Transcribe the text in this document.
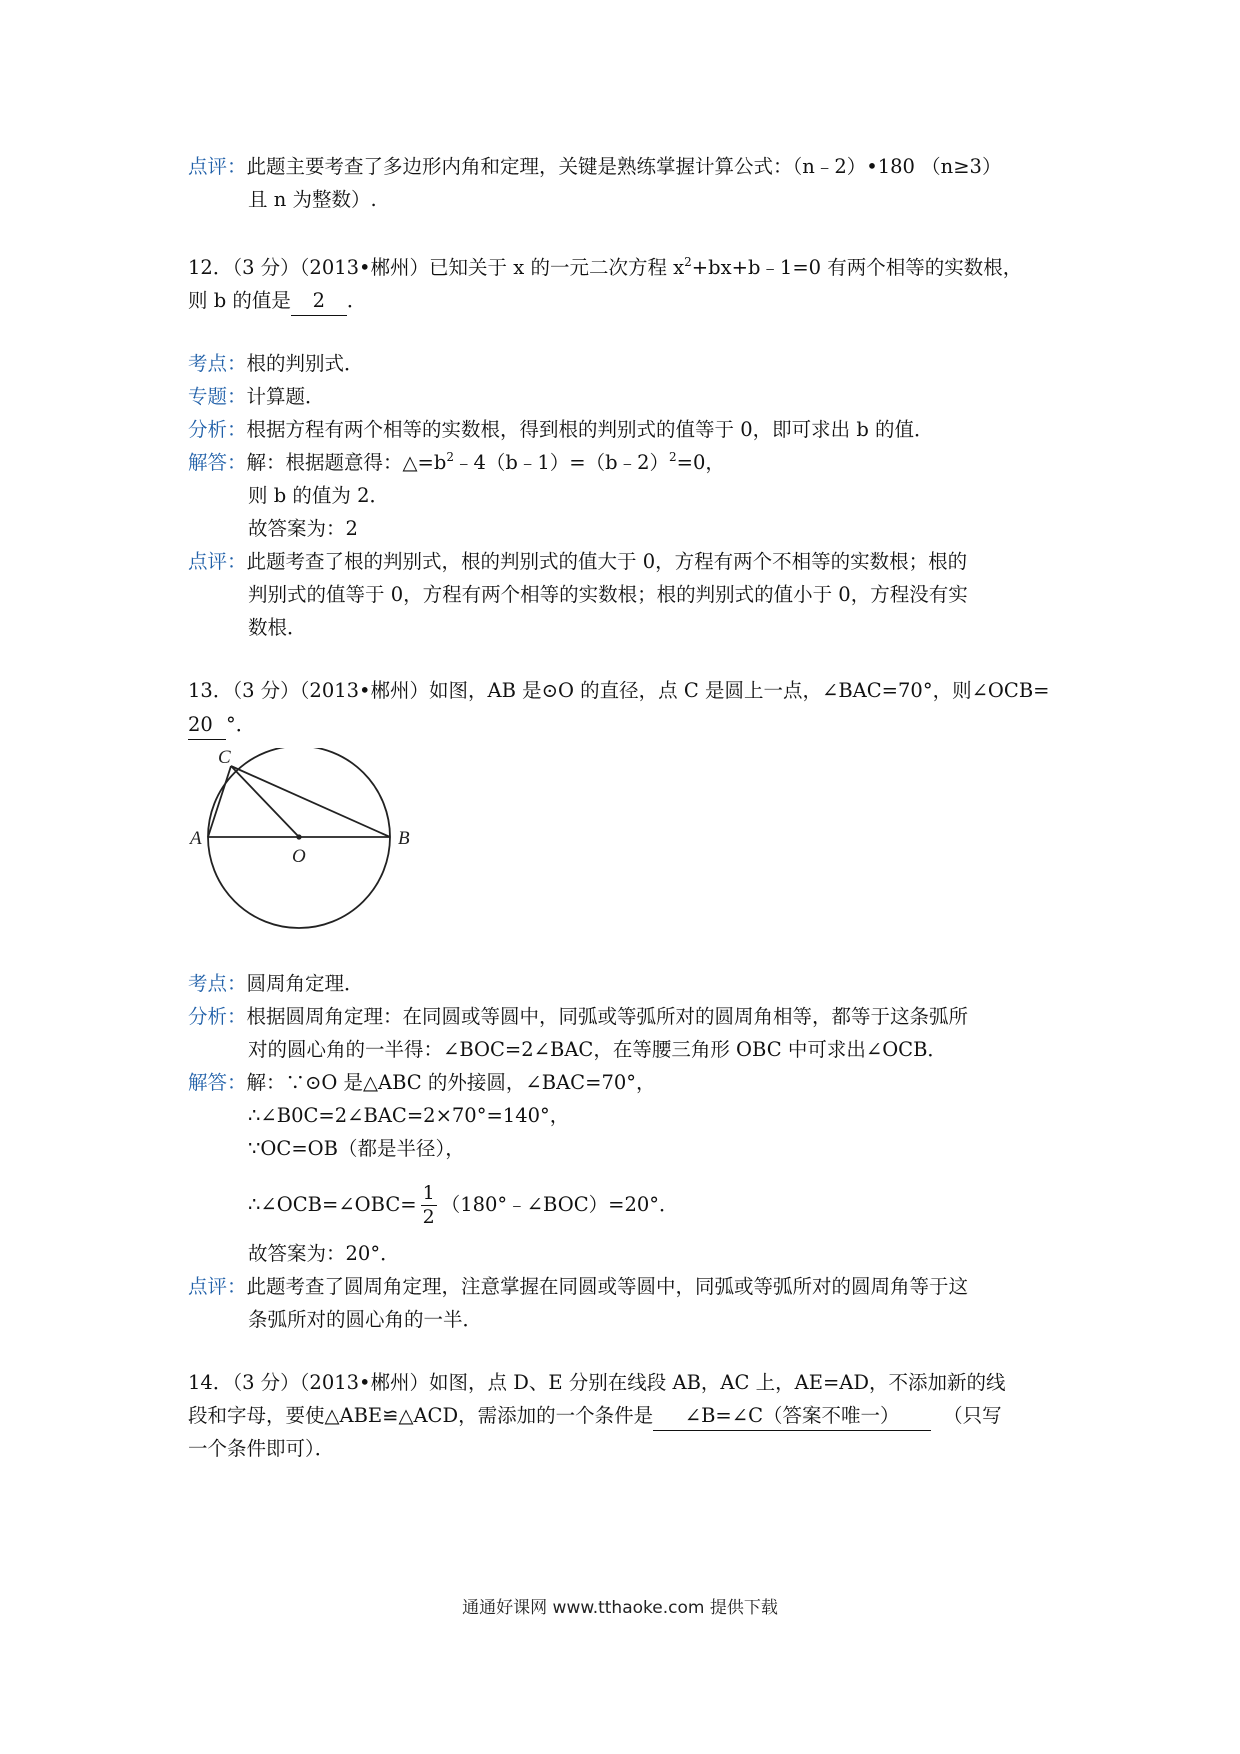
点评：此题主要考查了多边形内角和定理，关键是熟练掌握计算公式：（n﹣2）•180 （n≥3）
且 n 为整数）.
12．（3 分）（2013•郴州）已知关于 x 的一元二次方程 $x^2+bx+b﹣1=0$ 有两个相等的实数根，
则 b 的值是 2 ．
考点：根的判别式．
专题：计算题．
分析：根据方程有两个相等的实数根，得到根的判别式的值等于 0，即可求出 b 的值．
解答：解：根据题意得：$\triangle=b^2﹣4(b﹣1)=(b﹣2)^2=0$，
则 b 的值为 2．
故答案为：2
点评：此题考查了根的判别式，根的判别式的值大于 0，方程有两个不相等的实数根；根的
判别式的值等于 0，方程有两个相等的实数根；根的判别式的值小于 0，方程没有实
数根．
13．（3 分）（2013•郴州）如图，AB 是⊙O 的直径，点 C 是圆上一点，∠BAC=70°，则∠OCB=
20 °．
A	B
C
O
考点：圆周角定理．
分析：根据圆周角定理：在同圆或等圆中，同弧或等弧所对的圆周角相等，都等于这条弧所
对的圆心角的一半得：∠BOC=2∠BAC，在等腰三角形 OBC 中可求出∠OCB．
解答：解：∵⊙O 是△ABC 的外接圆，∠BAC=70°，
∴∠B0C=2∠BAC=2×70°=140°，
∵OC=OB（都是半径），
∴∠OCB=∠OBC= $\frac{1}{2}$ （180°﹣∠BOC）=20°．
故答案为：20°．
点评：此题考查了圆周角定理，注意掌握在同圆或等圆中，同弧或等弧所对的圆周角等于这
条弧所对的圆心角的一半．
14．（3 分）（2013•郴州）如图，点 D、E 分别在线段 AB，AC 上，AE=AD，不添加新的线
段和字母，要使△ABE≌△ACD，需添加的一个条件是 ∠B=∠C（答案不唯一） （只写
一个条件即可）．
通通好课网 www.tthaoke.com 提供下载
